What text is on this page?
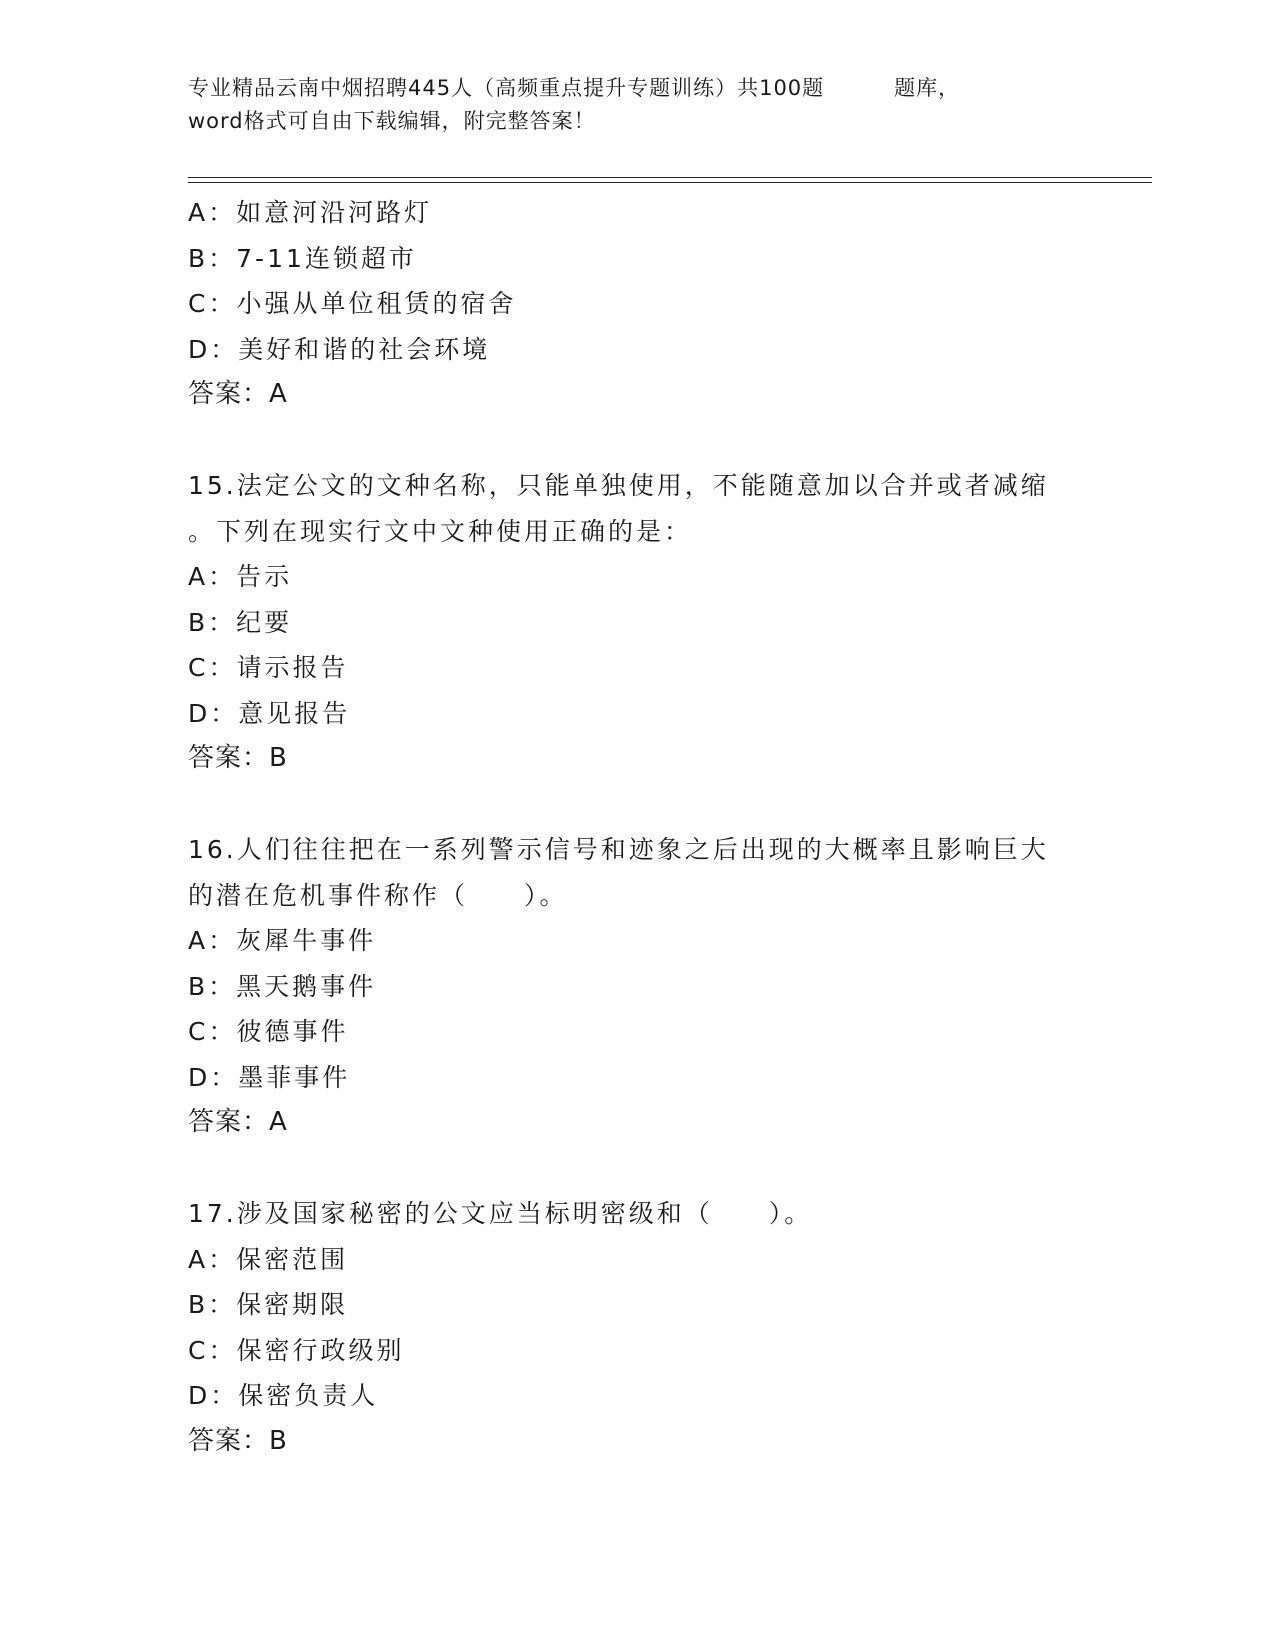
专业精品云南中烟招聘445人（高频重点提升专题训练）共100题	题库，
word格式可自由下载编辑，附完整答案！
A：如意河沿河路灯
B：7-11连锁超市
C：小强从单位租赁的宿舍
D：美好和谐的社会环境
答案：A
15.法定公文的文种名称，只能单独使用，不能随意加以合并或者减缩
。下列在现实行文中文种使用正确的是：
A：告示
B：纪要
C：请示报告
D：意见报告
答案：B
16.人们往往把在一系列警示信号和迹象之后出现的大概率且影响巨大
的潜在危机事件称作（　　）。
A：灰犀牛事件
B：黑天鹅事件
C：彼德事件
D：墨菲事件
答案：A
17.涉及国家秘密的公文应当标明密级和（　　）。
A：保密范围
B：保密期限
C：保密行政级别
D：保密负责人
答案：B
